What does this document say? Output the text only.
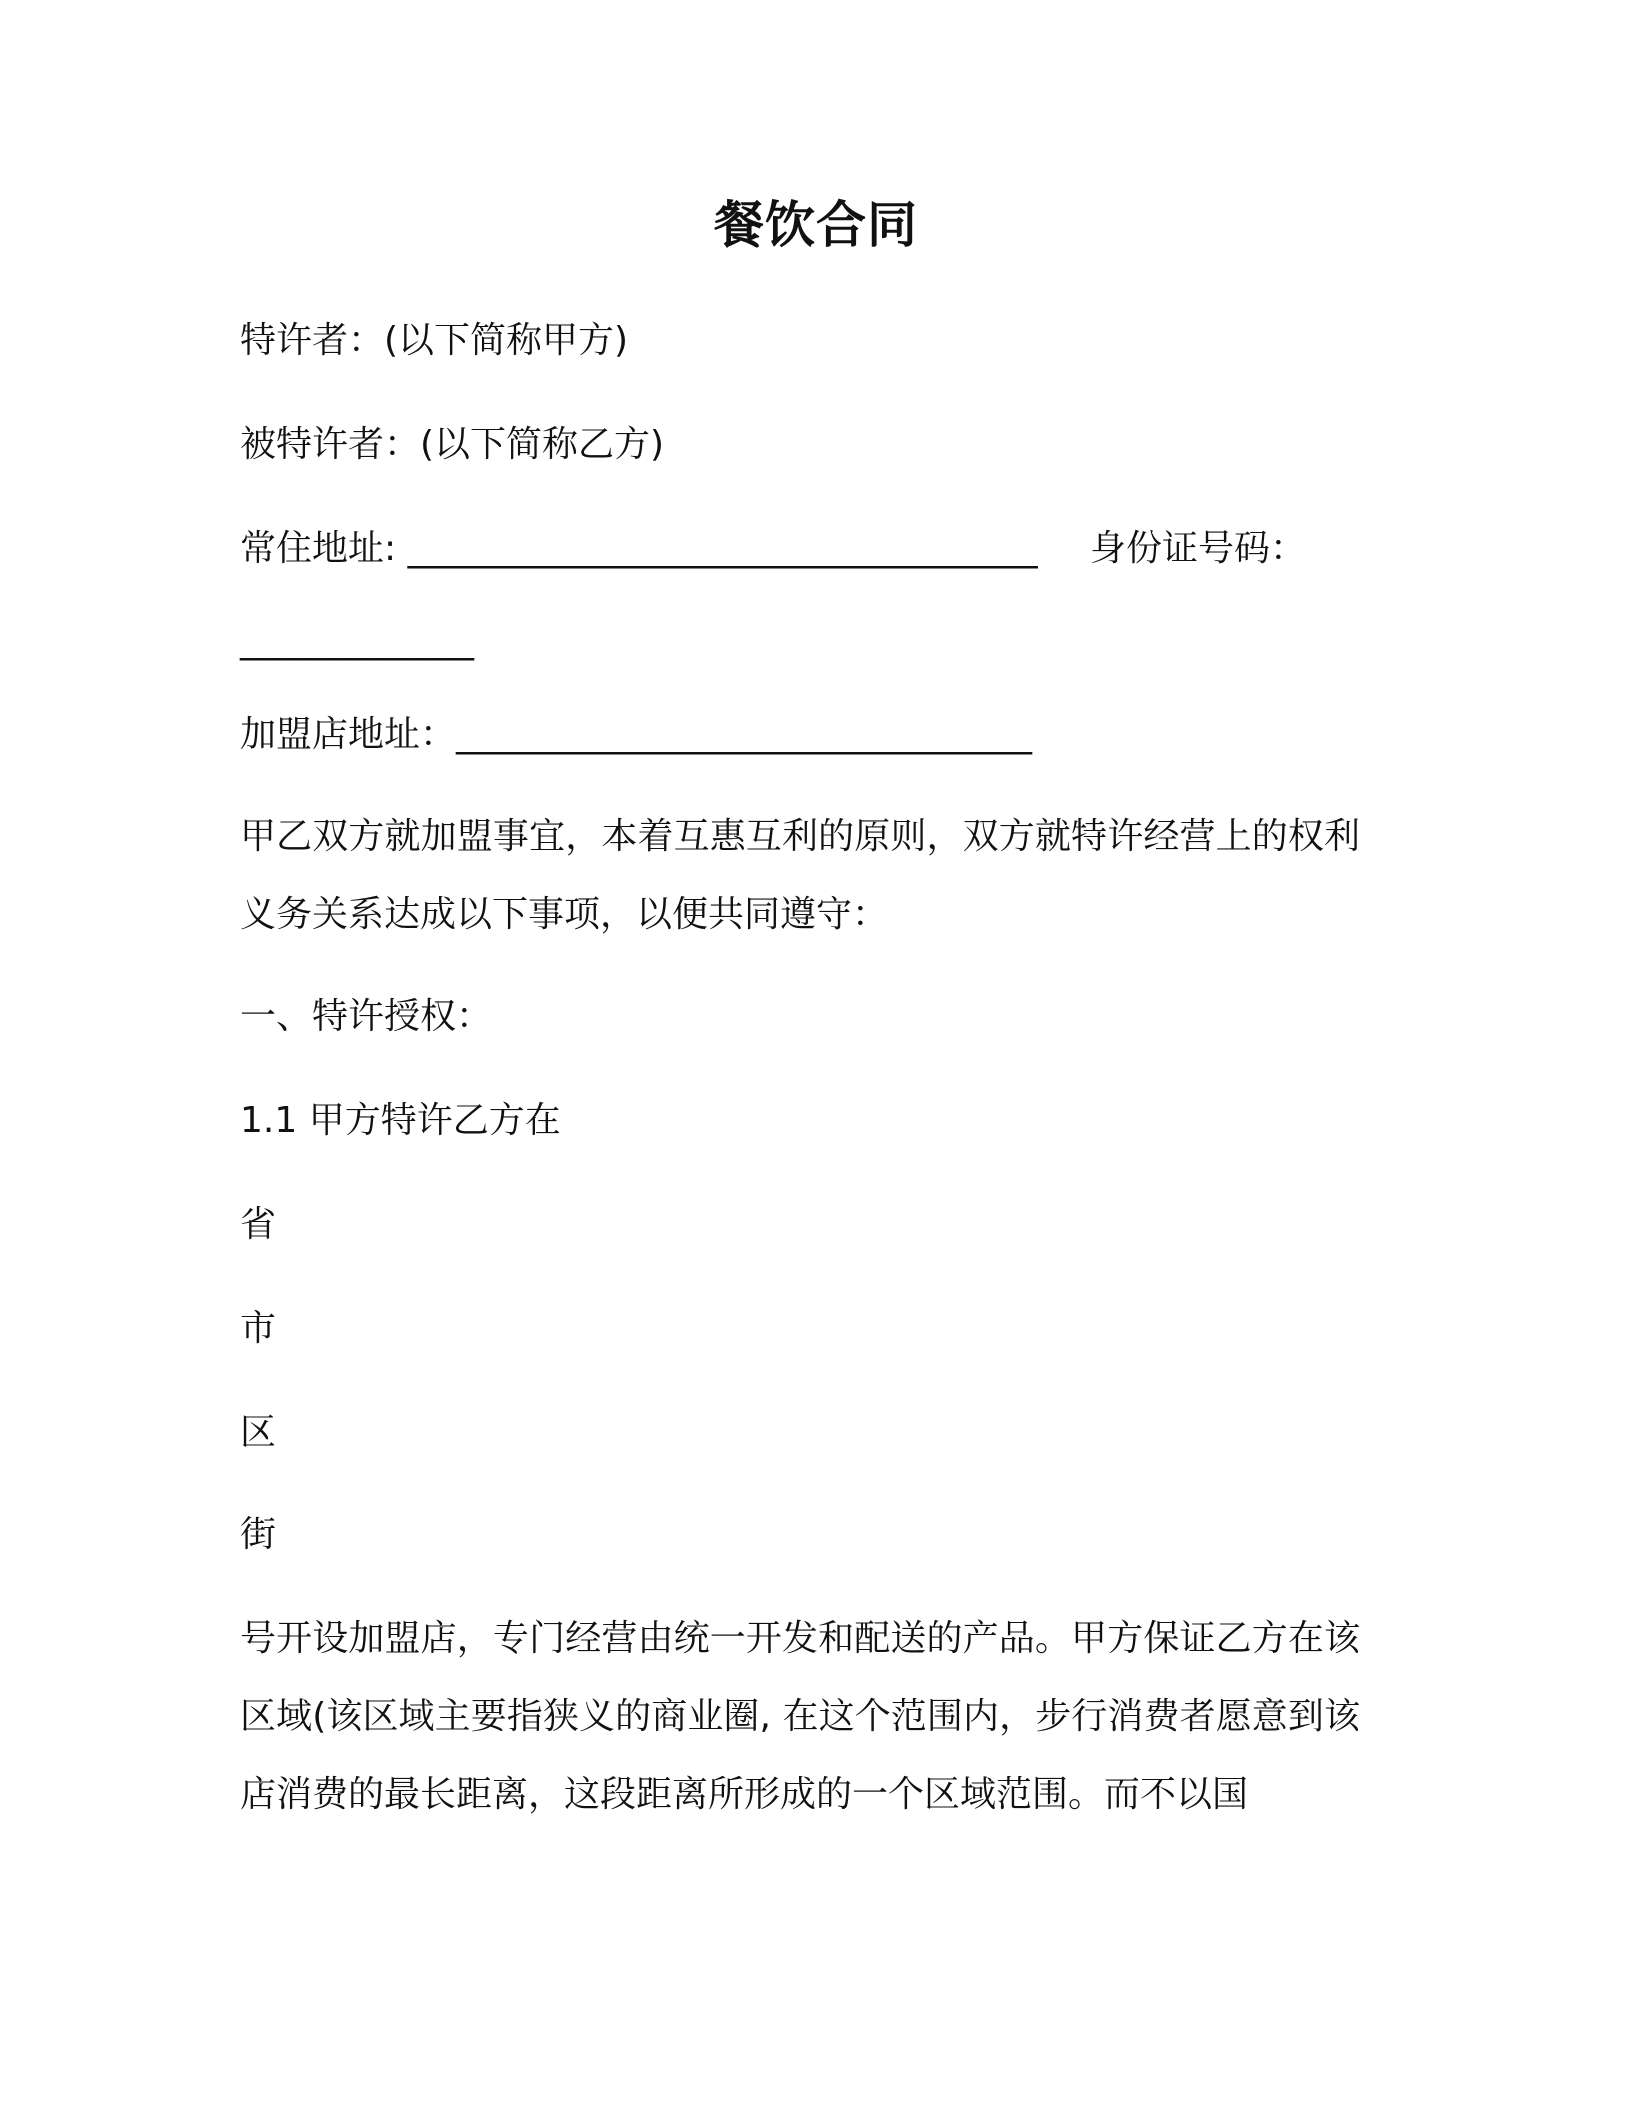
餐饮合同
特许者：(以下简称甲方)
被特许者：(以下简称乙方)
常住地址: ___________________________________ 身份证号码：
_____________
加盟店地址：________________________________
甲乙双方就加盟事宜，本着互惠互利的原则，双方就特许经营上的权利义务关系达成以下事项，以便共同遵守：
一、特许授权：
1.1 甲方特许乙方在
省
市
区
街
号开设加盟店，专门经营由统一开发和配送的产品。甲方保证乙方在该区域(该区域主要指狭义的商业圈, 在这个范围内，步行消费者愿意到该店消费的最长距离，这段距离所形成的一个区域范围。而不以国
